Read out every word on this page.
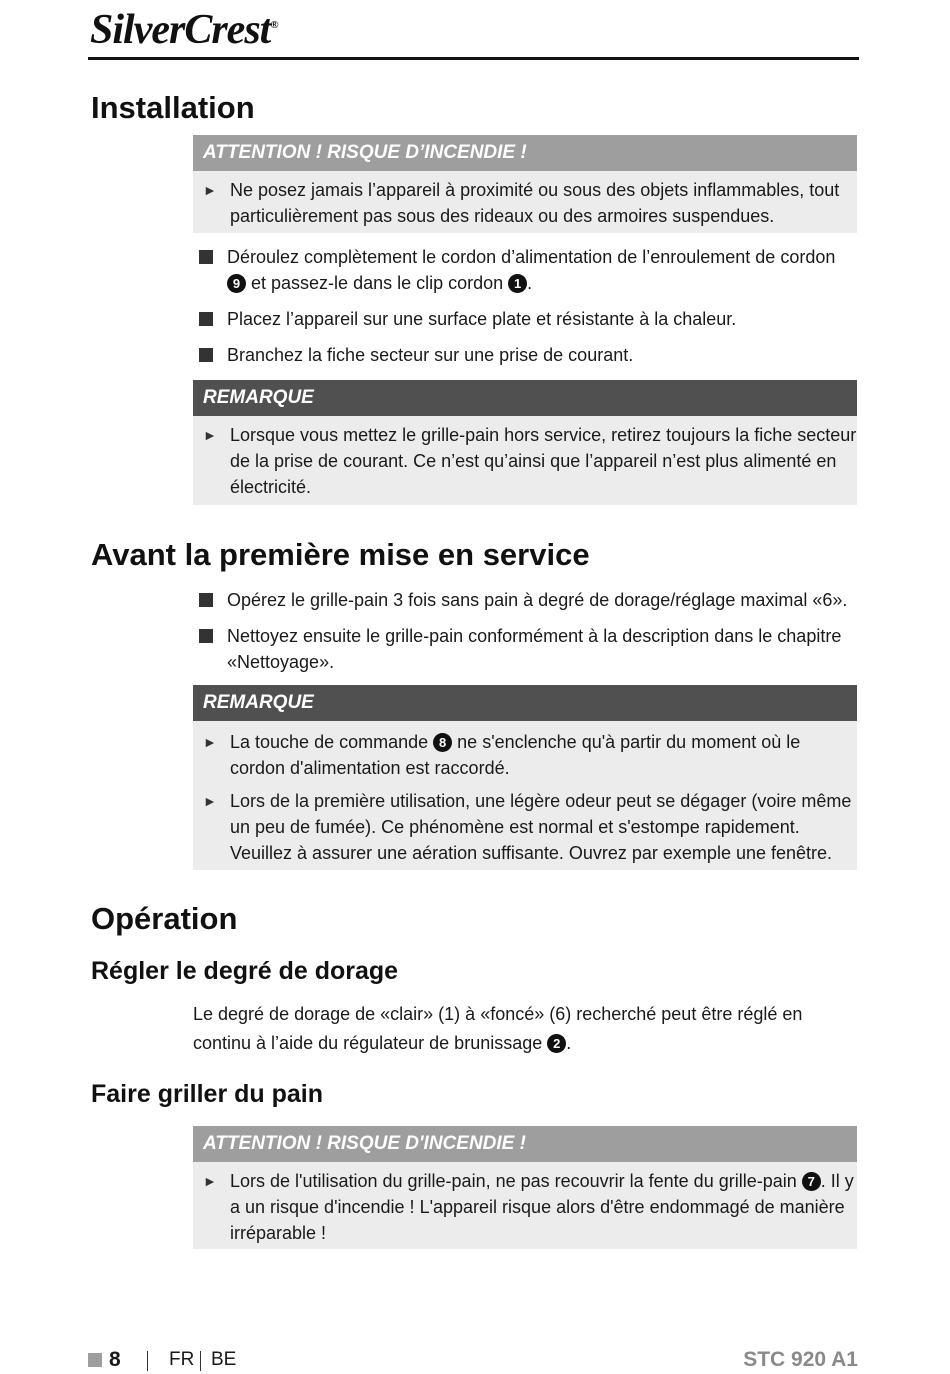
SilverCrest®
Installation
ATTENTION ! RISQUE D’INCENDIE !
► Ne posez jamais l’appareil à proximité ou sous des objets inflammables, tout particulièrement pas sous des rideaux ou des armoires suspendues.
Déroulez complètement le cordon d’alimentation de l’enroulement de cordon 9 et passez-le dans le clip cordon 1 .
Placez l’appareil sur une surface plate et résistante à la chaleur.
Branchez la fiche secteur sur une prise de courant.
REMARQUE
► Lorsque vous mettez le grille-pain hors service, retirez toujours la fiche secteur de la prise de courant. Ce n’est qu’ainsi que l’appareil n’est plus alimenté en électricité.
Avant la première mise en service
Opérez le grille-pain 3 fois sans pain à degré de dorage/réglage maximal «6».
Nettoyez ensuite le grille-pain conformément à la description dans le chapitre «Nettoyage».
REMARQUE
► La touche de commande 8 ne s'enclenche qu'à partir du moment où le cordon d'alimentation est raccordé.
► Lors de la première utilisation, une légère odeur peut se dégager (voire même un peu de fumée). Ce phénomène est normal et s'estompe rapidement. Veuillez à assurer une aération suffisante. Ouvrez par exemple une fenêtre.
Opération
Régler le degré de dorage

Le degré de dorage de «clair» (1) à «foncé» (6) recherché peut être réglé en continu à l’aide du régulateur de brunissage 2 .

Faire griller du pain
ATTENTION ! RISQUE D'INCENDIE !
► Lors de l'utilisation du grille-pain, ne pas recouvrir la fente du grille-pain 7 . Il y a un risque d'incendie ! L'appareil risque alors d'être endommagé de manière irréparable !
8	FR BE	STC 920 A1
